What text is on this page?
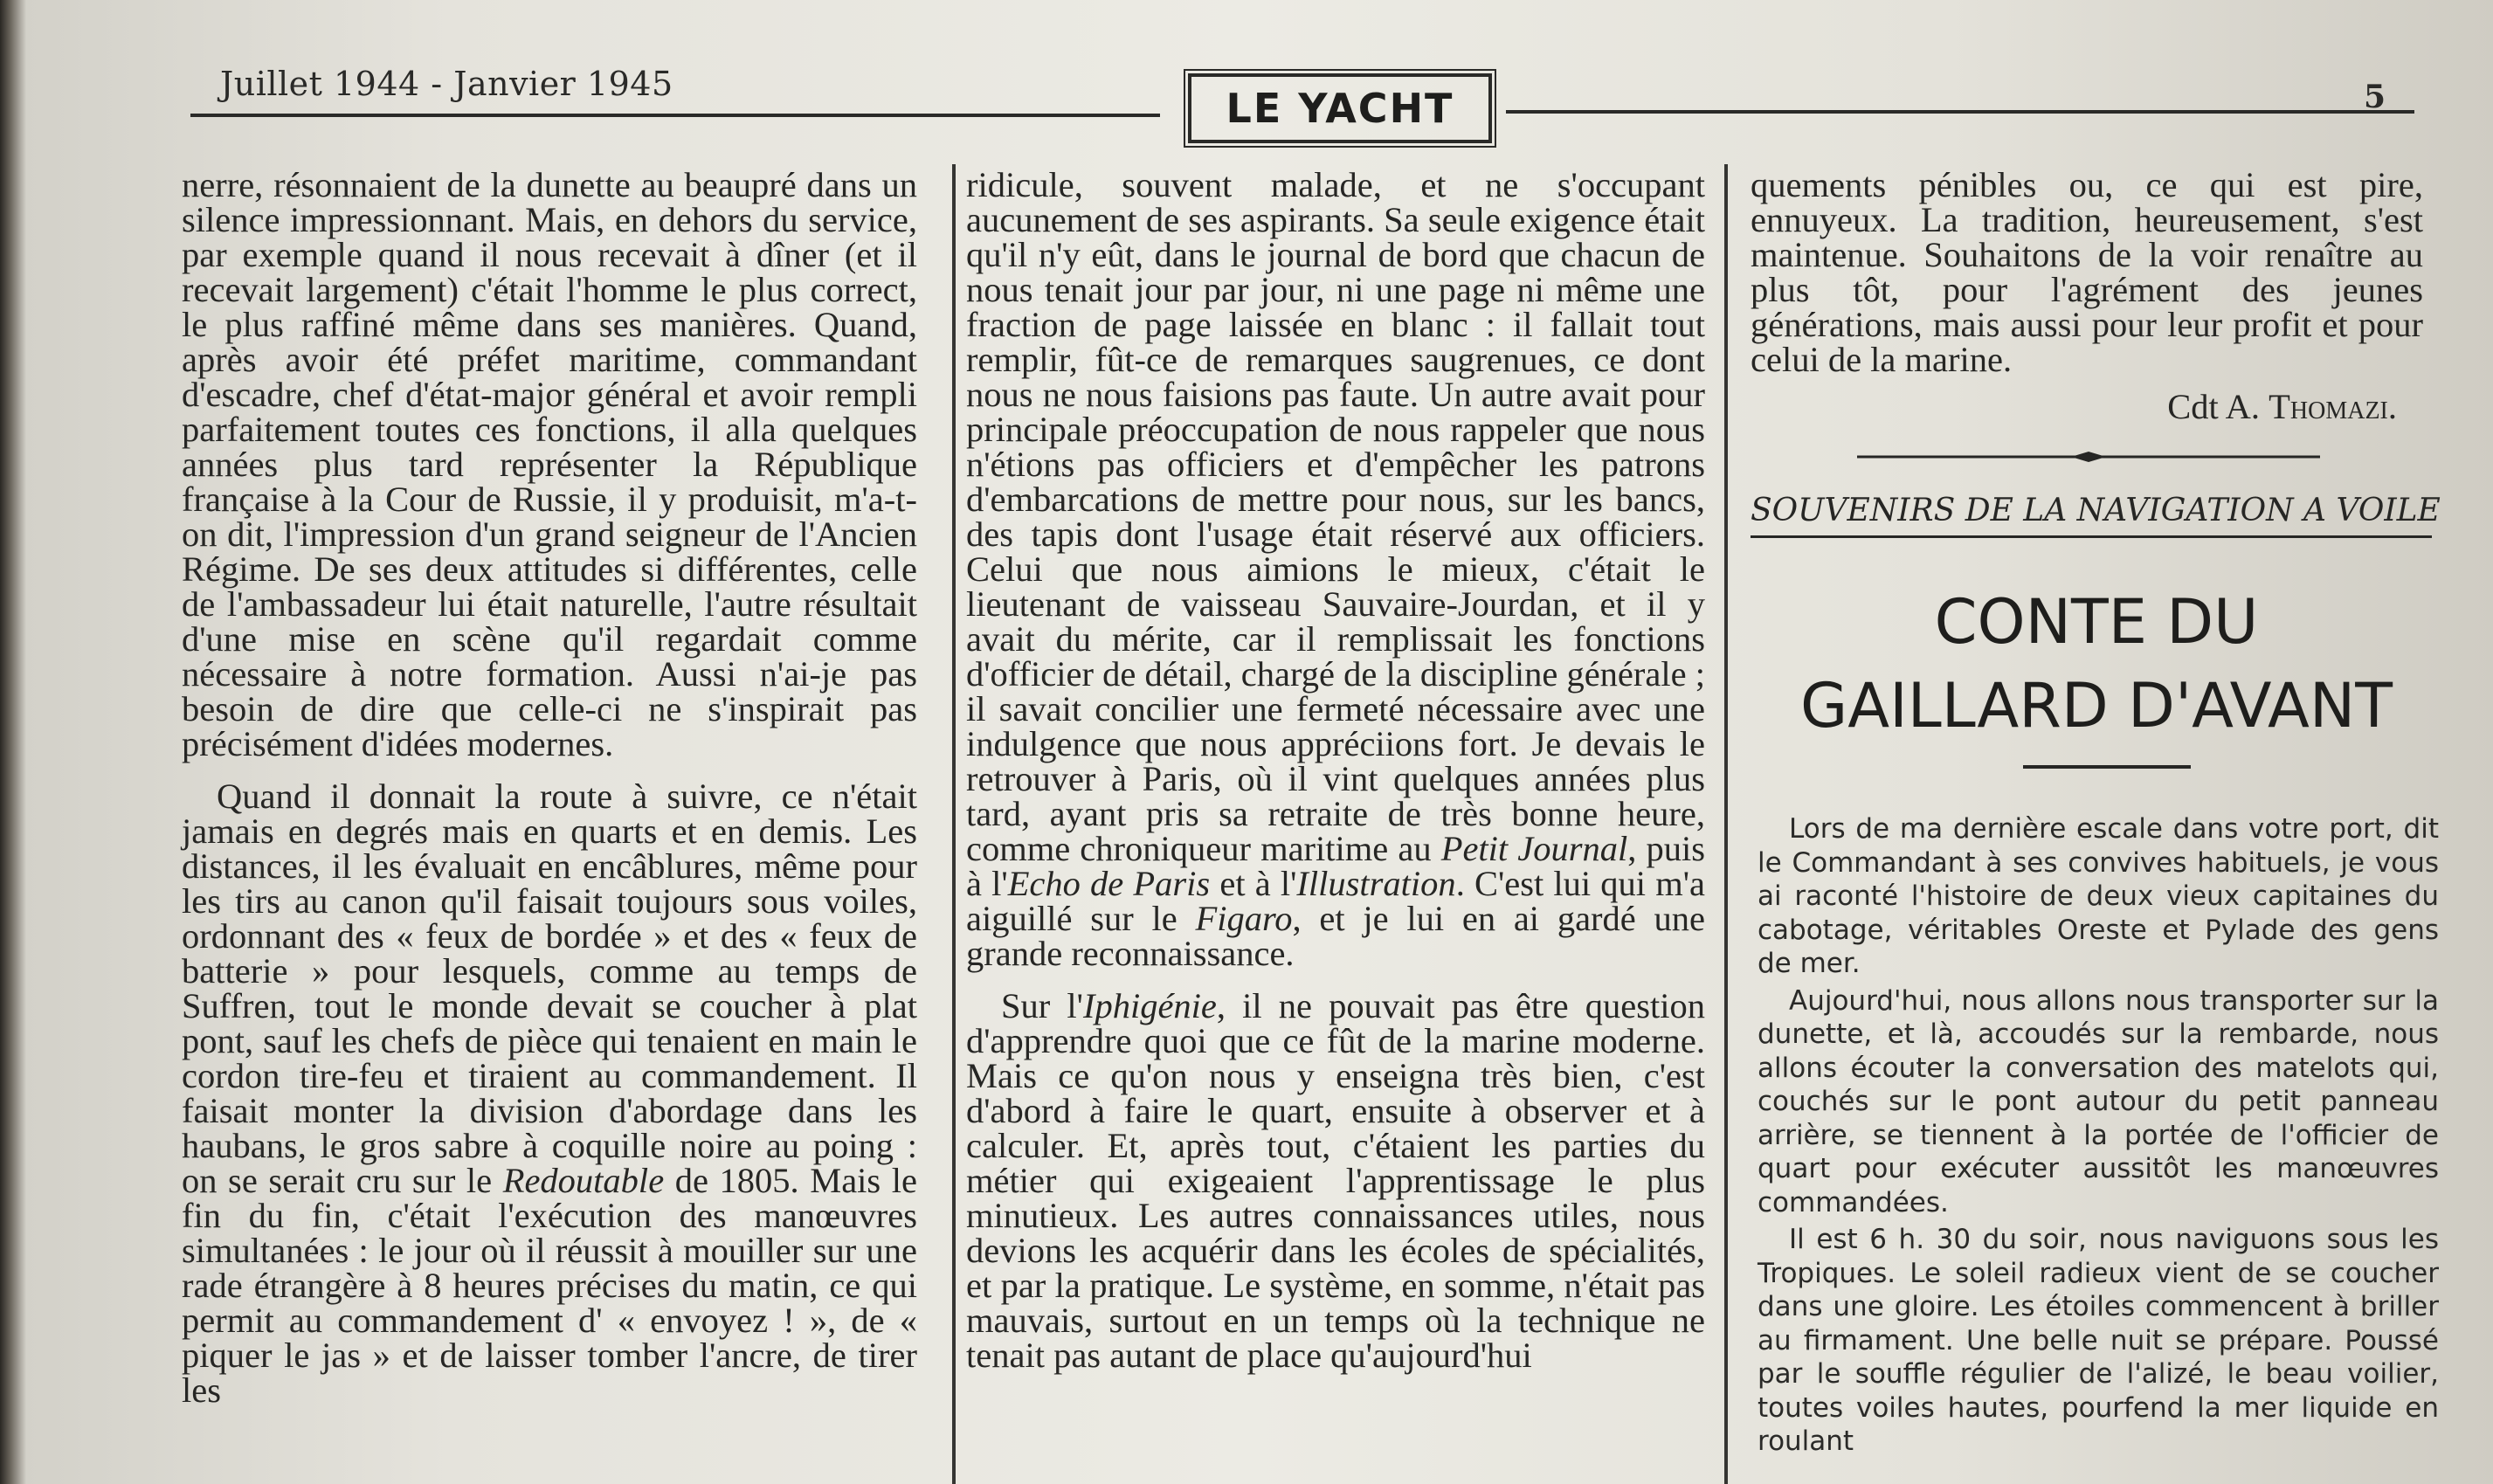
Juillet 1944 - Janvier 1945
LE YACHT	5

nerre, résonnaient de la dunette au beaupré dans un silence impressionnant. Mais, en dehors du service, par exemple quand il nous recevait à dîner (et il recevait largement) c'était l'homme le plus correct, le plus raffiné même dans ses manières. Quand, après avoir été préfet maritime, commandant d'escadre, chef d'état-major général et avoir rempli parfaitement toutes ces fonctions, il alla quelques années plus tard représenter la République française à la Cour de Russie, il y produisit, m'a-t-on dit, l'impression d'un grand seigneur de l'Ancien Régime. De ses deux attitudes si différentes, celle de l'ambassadeur lui était naturelle, l'autre résultait d'une mise en scène qu'il regardait comme nécessaire à notre formation. Aussi n'ai-je pas besoin de dire que celle-ci ne s'inspirait pas précisément d'idées modernes.

Quand il donnait la route à suivre, ce n'était jamais en degrés mais en quarts et en demis. Les distances, il les évaluait en encâblures, même pour les tirs au canon qu'il faisait toujours sous voiles, ordonnant des « feux de bordée » et des « feux de batterie » pour lesquels, comme au temps de Suffren, tout le monde devait se coucher à plat pont, sauf les chefs de pièce qui tenaient en main le cordon tire-feu et tiraient au commandement. Il faisait monter la division d'abordage dans les haubans, le gros sabre à coquille noire au poing : on se serait cru sur le Redoutable de 1805. Mais le fin du fin, c'était l'exécution des manœuvres simultanées : le jour où il réussit à mouiller sur une rade étrangère à 8 heures précises du matin, ce qui permit au commandement d' « envoyez ! », de « piquer le jas » et de laisser tomber l'ancre, de tirer les

ridicule, souvent malade, et ne s'occupant aucunement de ses aspirants. Sa seule exigence était qu'il n'y eût, dans le journal de bord que chacun de nous tenait jour par jour, ni une page ni même une fraction de page laissée en blanc : il fallait tout remplir, fût-ce de remarques saugrenues, ce dont nous ne nous faisions pas faute. Un autre avait pour principale préoccupation de nous rappeler que nous n'étions pas officiers et d'empêcher les patrons d'embarcations de mettre pour nous, sur les bancs, des tapis dont l'usage était réservé aux officiers. Celui que nous aimions le mieux, c'était le lieutenant de vaisseau Sauvaire-Jourdan, et il y avait du mérite, car il remplissait les fonctions d'officier de détail, chargé de la discipline générale ; il savait concilier une fermeté nécessaire avec une indulgence que nous appréciions fort. Je devais le retrouver à Paris, où il vint quelques années plus tard, ayant pris sa retraite de très bonne heure, comme chroniqueur maritime au Petit Journal, puis à l'Echo de Paris et à l'Illustration. C'est lui qui m'a aiguillé sur le Figaro, et je lui en ai gardé une grande reconnaissance.

Sur l'Iphigénie, il ne pouvait pas être question d'apprendre quoi que ce fût de la marine moderne. Mais ce qu'on nous y enseigna très bien, c'est d'abord à faire le quart, ensuite à observer et à calculer. Et, après tout, c'étaient les parties du métier qui exigeaient l'apprentissage le plus minutieux. Les autres connaissances utiles, nous devions les acquérir dans les écoles de spécialités, et par la pratique. Le système, en somme, n'était pas mauvais, surtout en un temps où la technique ne tenait pas autant de place qu'aujourd'hui

quements pénibles ou, ce qui est pire, ennuyeux. La tradition, heureusement, s'est maintenue. Souhaitons de la voir renaître au plus tôt, pour l'agrément des jeunes générations, mais aussi pour leur profit et pour celui de la marine.

Cdt A. Thomazi.

SOUVENIRS DE LA NAVIGATION A VOILE
CONTE DU
GAILLARD D'AVANT

Lors de ma dernière escale dans votre port, dit le Commandant à ses convives habituels, je vous ai raconté l'histoire de deux vieux capitaines du cabotage, véritables Oreste et Pylade des gens de mer.

Aujourd'hui, nous allons nous transporter sur la dunette, et là, accoudés sur la rembarde, nous allons écouter la conversation des matelots qui, couchés sur le pont autour du petit panneau arrière, se tiennent à la portée de l'officier de quart pour exécuter aussitôt les manœuvres commandées.

Il est 6 h. 30 du soir, nous naviguons sous les Tropiques. Le soleil radieux vient de se coucher dans une gloire. Les étoiles commencent à briller au firmament. Une belle nuit se prépare. Poussé par le souffle régulier de l'alizé, le beau voilier, toutes voiles hautes, pourfend la mer liquide en roulant
